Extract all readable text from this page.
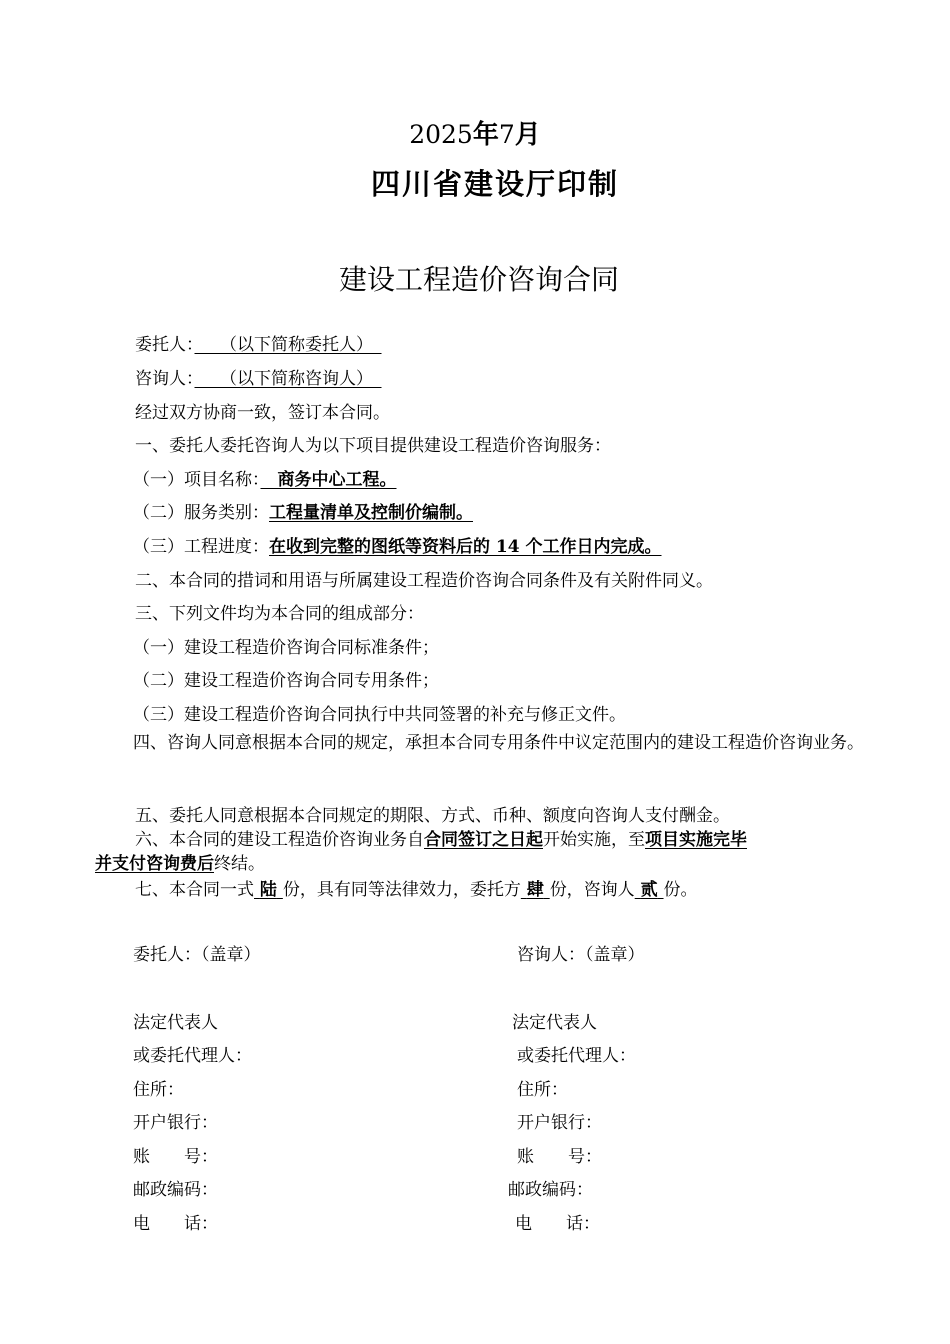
2025年7月
四川省建设厅印制
建设工程造价咨询合同
委托人：　　（以下简称委托人）　
咨询人：　　（以下简称咨询人）　
经过双方协商一致，签订本合同。
一、委托人委托咨询人为以下项目提供建设工程造价咨询服务：
（一）项目名称：　商务中心工程。
（二）服务类别：工程量清单及控制价编制。
（三）工程进度：在收到完整的图纸等资料后的 14 个工作日内完成。
二、本合同的措词和用语与所属建设工程造价咨询合同条件及有关附件同义。
三、下列文件均为本合同的组成部分：
（一）建设工程造价咨询合同标准条件；
（二）建设工程造价咨询合同专用条件；
（三）建设工程造价咨询合同执行中共同签署的补充与修正文件。
四、咨询人同意根据本合同的规定，承担本合同专用条件中议定范围内的建设工程造价咨询业务。
五、委托人同意根据本合同规定的期限、方式、币种、额度向咨询人支付酬金。
六、本合同的建设工程造价咨询业务自合同签订之日起开始实施，至项目实施完毕
并支付咨询费后终结。
七、本合同一式 陆 份，具有同等法律效力，委托方 肆 份，咨询人 贰 份。
委托人：（盖章）
法定代表人
或委托代理人：
住所：
开户银行：
账　　号：
邮政编码：
电　　话：
咨询人：（盖章）
法定代表人
或委托代理人：
住所：
开户银行：
账　　号：
邮政编码：
电　　话：
